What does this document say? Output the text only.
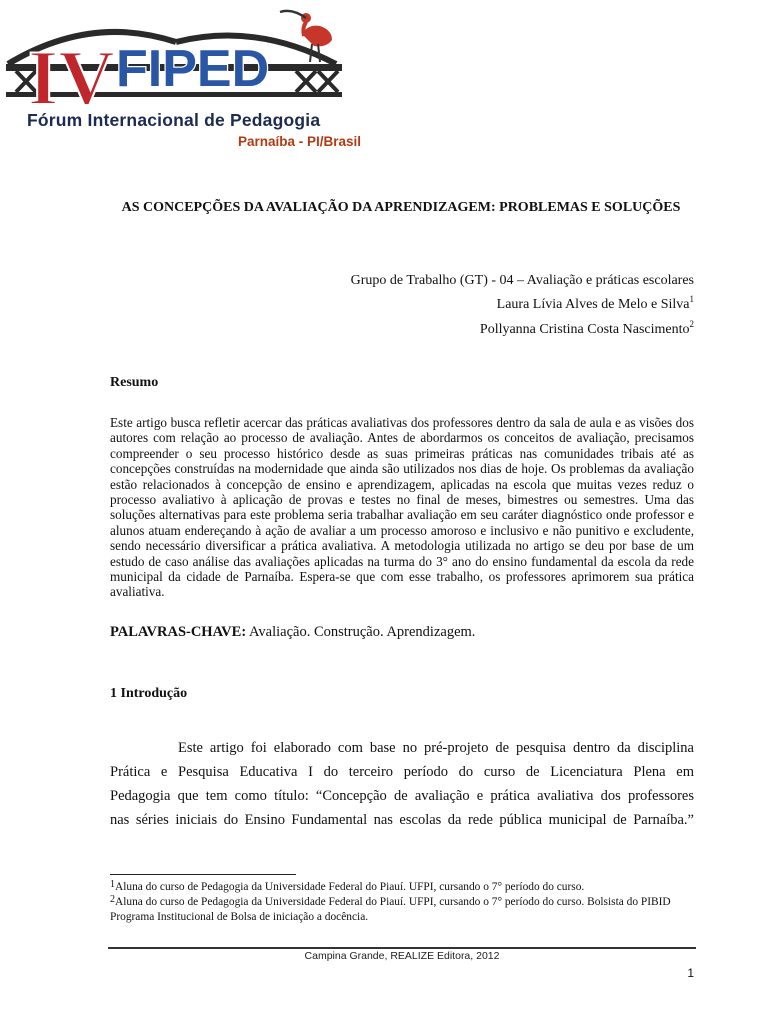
IV FIPED
Fórum Internacional de Pedagogia
Parnaíba - PI/Brasil
AS CONCEPÇÕES DA AVALIAÇÃO DA APRENDIZAGEM: PROBLEMAS E SOLUÇÕES
Grupo de Trabalho (GT) - 04 – Avaliação e práticas escolares
Laura Lívia Alves de Melo e Silva$^1$
Pollyanna Cristina Costa Nascimento$^2$
Resumo

Este artigo busca refletir acercar das práticas avaliativas dos professores dentro da sala de aula e as visões dos autores com relação ao processo de avaliação. Antes de abordarmos os conceitos de avaliação, precisamos compreender o seu processo histórico desde as suas primeiras práticas nas comunidades tribais até as concepções construídas na modernidade que ainda são utilizados nos dias de hoje. Os problemas da avaliação estão relacionados à concepção de ensino e aprendizagem, aplicadas na escola que muitas vezes reduz o processo avaliativo à aplicação de provas e testes no final de meses, bimestres ou semestres. Uma das soluções alternativas para este problema seria trabalhar avaliação em seu caráter diagnóstico onde professor e alunos atuam endereçando à ação de avaliar a um processo amoroso e inclusivo e não punitivo e excludente, sendo necessário diversificar a prática avaliativa. A metodologia utilizada no artigo se deu por base de um estudo de caso análise das avaliações aplicadas na turma do 3° ano do ensino fundamental da escola da rede municipal da cidade de Parnaíba. Espera-se que com esse trabalho, os professores aprimorem sua prática avaliativa.

PALAVRAS-CHAVE: Avaliação. Construção. Aprendizagem.
1 Introdução

Este artigo foi elaborado com base no pré-projeto de pesquisa dentro da disciplina
Prática e Pesquisa Educativa I do terceiro período do curso de Licenciatura Plena em
Pedagogia que tem como título: “Concepção de avaliação e prática avaliativa dos professores
nas séries iniciais do Ensino Fundamental nas escolas da rede pública municipal de Parnaíba.”

$^1$Aluna do curso de Pedagogia da Universidade Federal do Piauí. UFPI, cursando o 7° período do curso.
$^2$Aluna do curso de Pedagogia da Universidade Federal do Piauí. UFPI, cursando o 7° período do curso. Bolsista do PIBID Programa Institucional de Bolsa de iniciação a docência.
Campina Grande, REALIZE Editora, 2012
1
